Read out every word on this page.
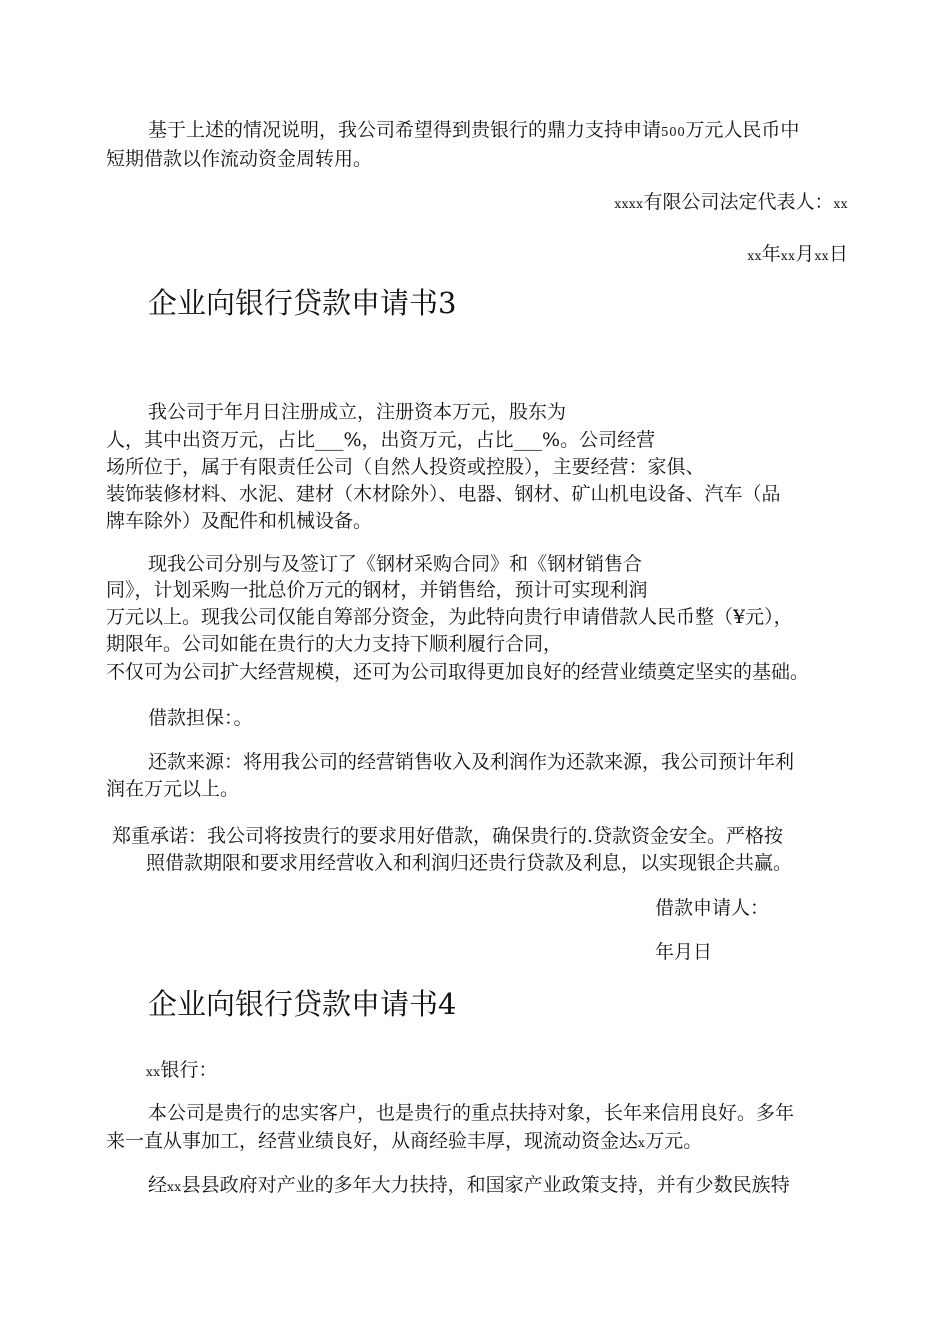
基于上述的情况说明，我公司希望得到贵银行的鼎力支持申请500万元人民币中
短期借款以作流动资金周转用。
xxxx有限公司法定代表人：xx
xx年xx月xx日
企业向银行贷款申请书3
我公司于年月日注册成立，注册资本万元，股东为
人，其中出资万元，占比___%，出资万元，占比___%。公司经营
场所位于，属于有限责任公司（自然人投资或控股），主要经营：家俱、
装饰装修材料、水泥、建材（木材除外）、电器、钢材、矿山机电设备、汽车（品
牌车除外）及配件和机械设备。
现我公司分别与及签订了《钢材采购合同》和《钢材销售合
同》，计划采购一批总价万元的钢材，并销售给，预计可实现利润
万元以上。现我公司仅能自筹部分资金，为此特向贵行申请借款人民币整（¥元），
期限年。公司如能在贵行的大力支持下顺利履行合同，
不仅可为公司扩大经营规模，还可为公司取得更加良好的经营业绩奠定坚实的基础。
借款担保：。
还款来源：将用我公司的经营销售收入及利润作为还款来源，我公司预计年利
润在万元以上。
郑重承诺：我公司将按贵行的要求用好借款，确保贵行的.贷款资金安全。严格按
照借款期限和要求用经营收入和利润归还贵行贷款及利息，以实现银企共赢。
借款申请人：
年月日
企业向银行贷款申请书4
xx银行：
本公司是贵行的忠实客户，也是贵行的重点扶持对象，长年来信用良好。多年
来一直从事加工，经营业绩良好，从商经验丰厚，现流动资金达x万元。
经xx县县政府对产业的多年大力扶持，和国家产业政策支持，并有少数民族特
